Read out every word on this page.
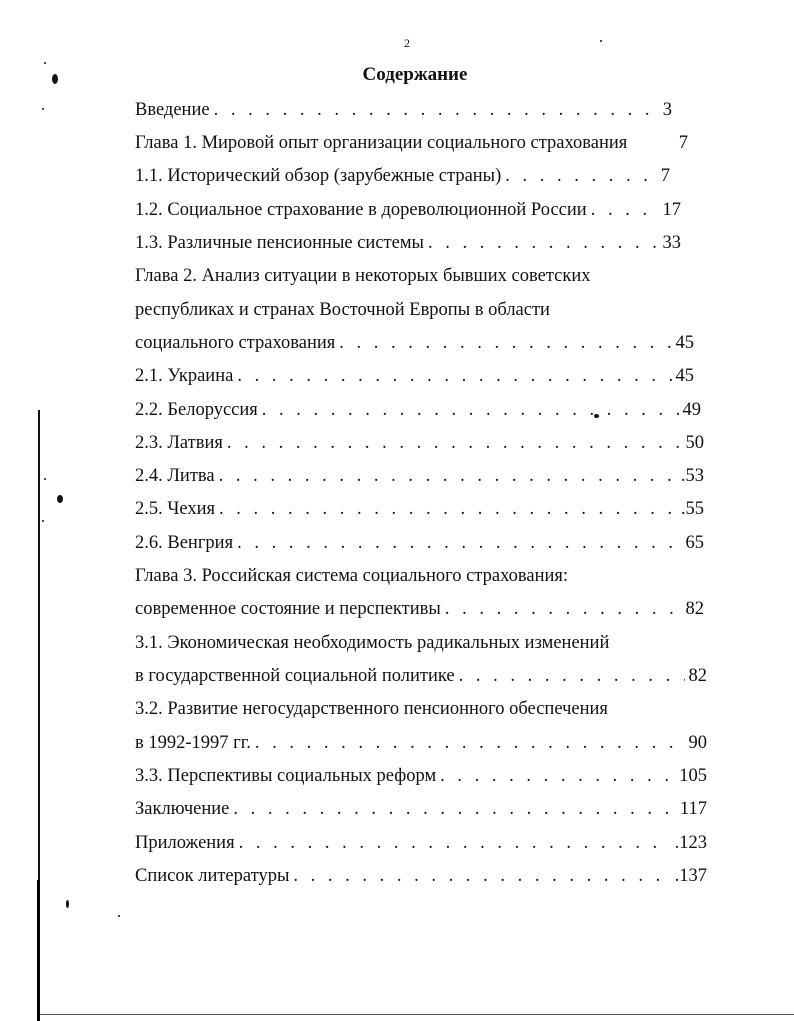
2
Содержание
Введение . . .	3
Глава 1. Мировой опыт организации социального страхования	7
1.1. Исторический обзор (зарубежные страны) . . .	7
1.2. Социальное страхование в дореволюционной России . . .	17
1.3. Различные пенсионные системы . . .	33
Глава 2. Анализ ситуации в некоторых бывших советских
республиках и странах Восточной Европы в области
социального страхования . . .	45
2.1. Украина . . .	45
2.2. Белоруссия . . .	49
2.3. Латвия . . .	50
2.4. Литва . . .	.53
2.5. Чехия . . .	.55
2.6. Венгрия . . .	65
Глава 3. Российская система социального страхования:
современное состояние и перспективы . . .	82
3.1. Экономическая необходимость радикальных изменений
в государственной социальной политике . . .	82
3.2. Развитие негосударственного пенсионного обеспечения
в 1992-1997 гг. . . .	90
3.3. Перспективы социальных реформ . . .	105
Заключение . . .	117
Приложения . . .	.123
Список литературы . . .	.137
